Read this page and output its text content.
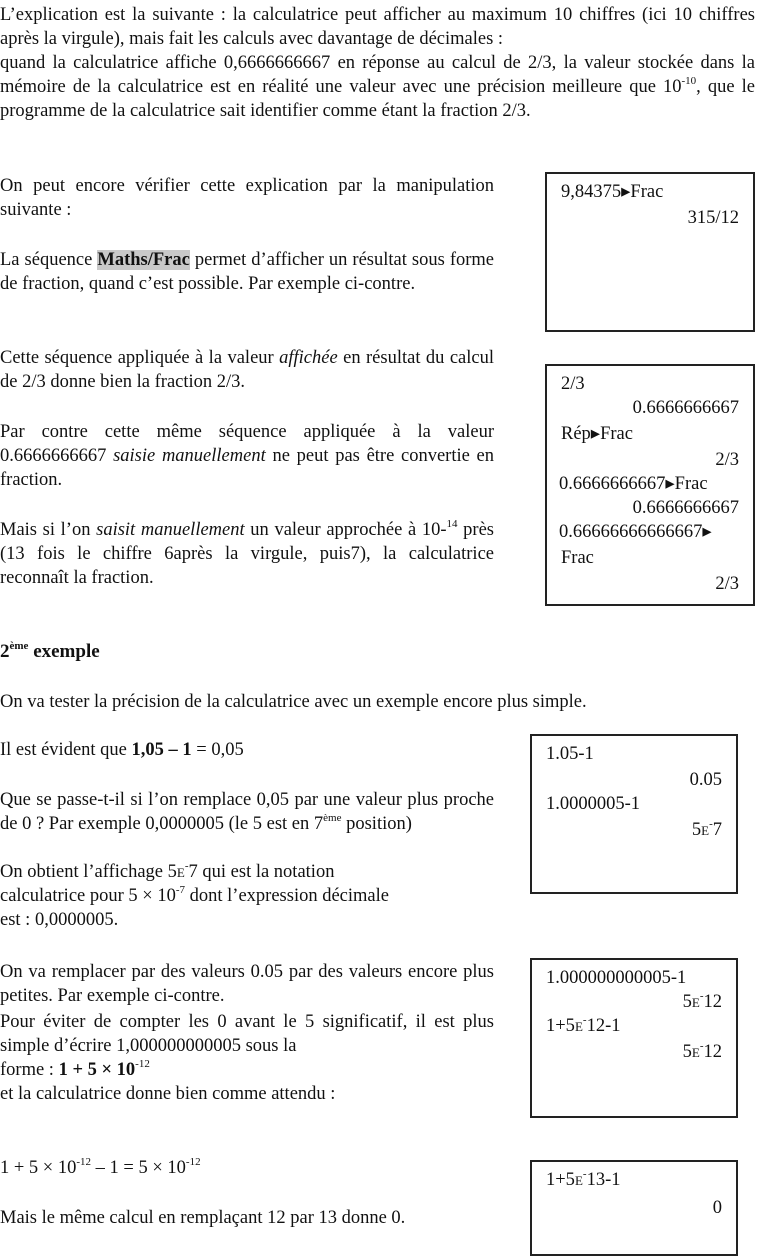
L’explication est la suivante : la calculatrice peut afficher au maximum 10 chiffres (ici 10 chiffres après la virgule), mais fait les calculs avec davantage de décimales :
quand la calculatrice affiche 0,6666666667 en réponse au calcul de 2/3, la valeur stockée dans la mémoire de la calculatrice est en réalité une valeur avec une précision meilleure que $10^{-10}$, que le programme de la calculatrice sait identifier comme étant la fraction 2/3.
On peut encore vérifier cette explication par la manipulation suivante :
La séquence Maths/Frac permet d’afficher un résultat sous forme de fraction, quand c’est possible. Par exemple ci-contre.
Cette séquence appliquée à la valeur affichée en résultat du calcul de 2/3 donne bien la fraction 2/3.
Par contre cette même séquence appliquée à la valeur 0.6666666667 saisie manuellement ne peut pas être convertie en fraction.
Mais si l’on saisit manuellement un valeur approchée à 10-$^{14}$ près (13 fois le chiffre 6après la virgule, puis7), la calculatrice reconnaît la fraction.
9,84375▸Frac
315/12
2/3
0.6666666667
Rép▸Frac
2/3
0.6666666667▸Frac
0.6666666667
0.66666666666667▸
Frac
2/3
2ème exemple
On va tester la précision de la calculatrice avec un exemple encore plus simple.
Il est évident que 1,05 – 1 = 0,05
Que se passe-t-il si l’on remplace 0,05 par une valeur plus proche de 0 ? Par exemple 0,0000005 (le 5 est en 7ème position)
On obtient l’affichage 5E-7 qui est la notation
calculatrice pour $5 \times 10^{-7}$ dont l’expression décimale
est : 0,0000005.
On va remplacer par des valeurs 0.05 par des valeurs encore plus petites. Par exemple ci-contre.
Pour éviter de compter les 0 avant le 5 significatif, il est plus simple d’écrire 1,000000000005 sous la
forme : $1 + 5 \times 10^{-12}$
et la calculatrice donne bien comme attendu :
$1 + 5 \times 10^{-12} - 1 = 5 \times 10^{-12}$
Mais le même calcul en remplaçant 12 par 13 donne 0.
1.05-1
0.05
1.0000005-1
5E-7
1.000000000005-1
5E-12
1+5E-12-1
5E-12
1+5E-13-1
0
